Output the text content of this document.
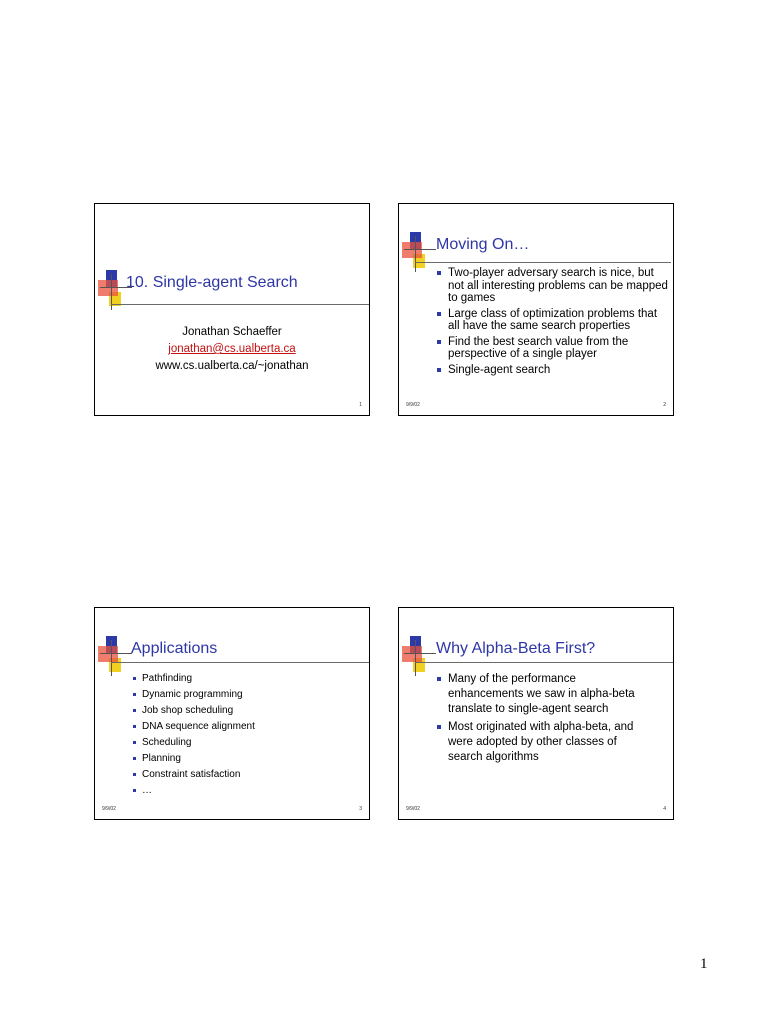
10. Single-agent Search
Jonathan Schaeffer
jonathan@cs.ualberta.ca
www.cs.ualberta.ca/~jonathan
1
Moving On…
Two-player adversary search is nice, but not all interesting problems can be mapped to games
Large class of optimization problems that all have the same search properties
Find the best search value from the perspective of a single player
Single-agent search
9/9/02	2
Applications
Pathfinding
Dynamic programming
Job shop scheduling
DNA sequence alignment
Scheduling
Planning
Constraint satisfaction
…
9/9/02	3
Why Alpha-Beta First?
Many of the performance enhancements we saw in alpha-beta translate to single-agent search
Most originated with alpha-beta, and were adopted by other classes of search algorithms
9/9/02	4
1
